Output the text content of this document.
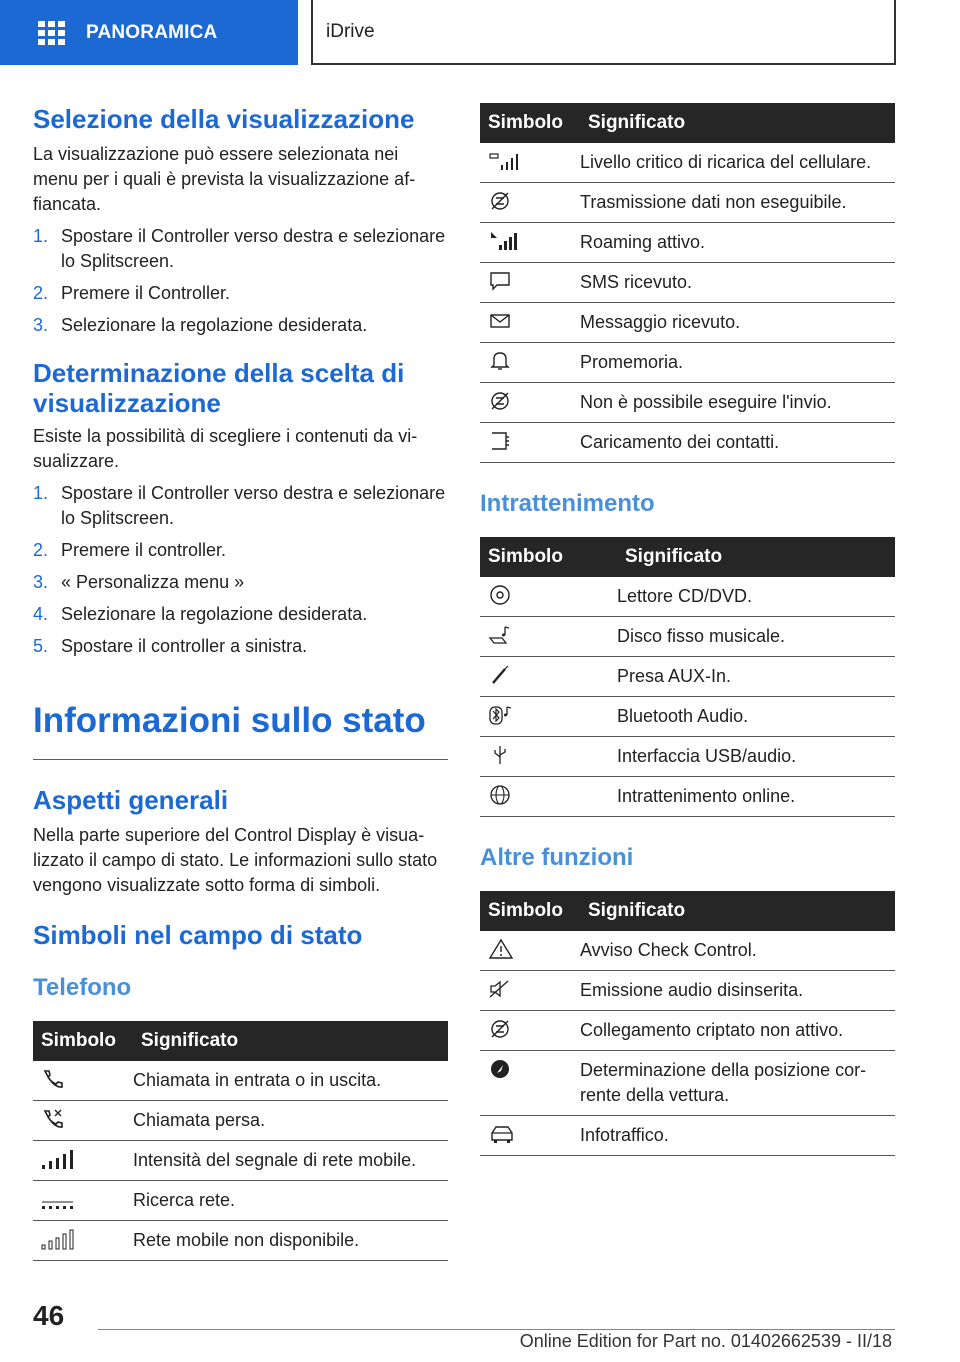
PANORAMICA	iDrive
Selezione della visualizzazione

La visualizzazione può essere selezionata nei menu per i quali è prevista la visualizzazione affiancata.

1. Spostare il Controller verso destra e selezionare lo Splitscreen.
2. Premere il Controller.
3. Selezionare la regolazione desiderata.
Determinazione della scelta di visualizzazione

Esiste la possibilità di scegliere i contenuti da visualizzare.

1. Spostare il Controller verso destra e selezionare lo Splitscreen.
2. Premere il controller.
3. « Personalizza menu »
4. Selezionare la regolazione desiderata.
5. Spostare il controller a sinistra.
Informazioni sullo stato
Aspetti generali

Nella parte superiore del Control Display è visualizzato il campo di stato. Le informazioni sullo stato vengono visualizzate sotto forma di simboli.

Simboli nel campo di stato
Telefono
Simbolo	Significato

	Chiamata in entrata o in uscita.

	Chiamata persa.

	Intensità del segnale di rete mobile.

	Ricerca rete.

	Rete mobile non disponibile.
Simbolo	Significato

	Livello critico di ricarica del cellulare.

	Trasmissione dati non eseguibile.

	Roaming attivo.

	SMS ricevuto.

	Messaggio ricevuto.

	Promemoria.

	Non è possibile eseguire l'invio.

	Caricamento dei contatti.
Intrattenimento
Simbolo	Significato

	Lettore CD/DVD.

	Disco fisso musicale.

	Presa AUX-In.

	Bluetooth Audio.

	Interfaccia USB/audio.

	Intrattenimento online.
Altre funzioni
Simbolo	Significato

	Avviso Check Control.

	Emissione audio disinserita.

	Collegamento criptato non attivo.

	Determinazione della posizione corrente della vettura.

	Infotraffico.
46
Online Edition for Part no. 01402662539 - II/18
